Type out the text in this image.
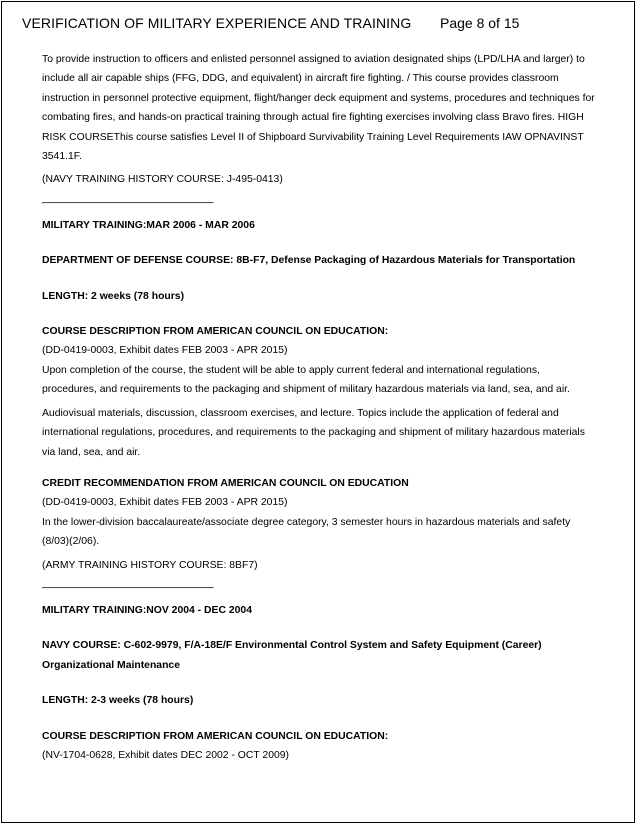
VERIFICATION OF MILITARY EXPERIENCE AND TRAINING Page 8 of 15

To provide instruction to officers and enlisted personnel assigned to aviation designated ships (LPD/LHA and larger) to include all air capable ships (FFG, DDG, and equivalent) in aircraft fire fighting. / This course provides classroom instruction in personnel protective equipment, flight/hanger deck equipment and systems, procedures and techniques for combating fires, and hands-on practical training through actual fire fighting exercises involving class Bravo fires. HIGH RISK COURSEThis course satisfies Level II of Shipboard Survivability Training Level Requirements IAW OPNAVINST 3541.1F.

(NAVY TRAINING HISTORY COURSE: J-495-0413)

MILITARY TRAINING:MAR 2006 - MAR 2006

DEPARTMENT OF DEFENSE COURSE: 8B-F7, Defense Packaging of Hazardous Materials for Transportation

LENGTH: 2 weeks (78 hours)

COURSE DESCRIPTION FROM AMERICAN COUNCIL ON EDUCATION:

(DD-0419-0003, Exhibit dates FEB 2003 - APR 2015)

Upon completion of the course, the student will be able to apply current federal and international regulations, procedures, and requirements to the packaging and shipment of military hazardous materials via land, sea, and air.

Audiovisual materials, discussion, classroom exercises, and lecture. Topics include the application of federal and international regulations, procedures, and requirements to the packaging and shipment of military hazardous materials via land, sea, and air.

CREDIT RECOMMENDATION FROM AMERICAN COUNCIL ON EDUCATION

(DD-0419-0003, Exhibit dates FEB 2003 - APR 2015)

In the lower-division baccalaureate/associate degree category, 3 semester hours in hazardous materials and safety (8/03)(2/06).

(ARMY TRAINING HISTORY COURSE: 8BF7)

MILITARY TRAINING:NOV 2004 - DEC 2004

NAVY COURSE: C-602-9979, F/A-18E/F Environmental Control System and Safety Equipment (Career) Organizational Maintenance

LENGTH: 2-3 weeks (78 hours)

COURSE DESCRIPTION FROM AMERICAN COUNCIL ON EDUCATION:

(NV-1704-0628, Exhibit dates DEC 2002 - OCT 2009)
